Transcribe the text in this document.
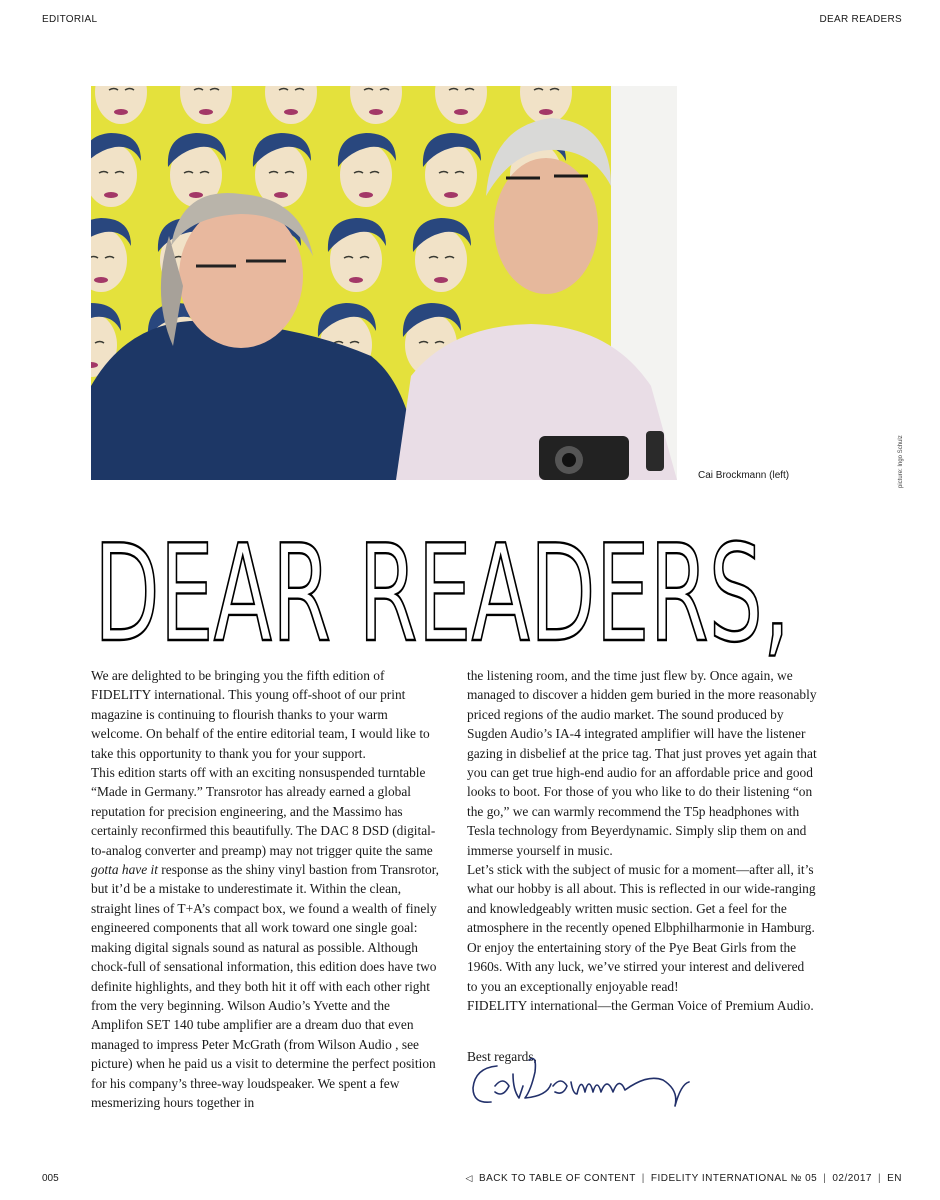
EDITORIAL	DEAR READERS
Cai Brockmann (left)	picture: Ingo Schulz
DEAR READERS,

We are delighted to be bringing you the fifth edition of FIDELITY international. This young off-shoot of our print magazine is continuing to flourish thanks to your warm welcome. On behalf of the entire editorial team, I would like to take this opportunity to thank you for your support.

This edition starts off with an exciting nonsuspended turntable “Made in Germany.” Transrotor has already earned a global reputation for precision engineering, and the Massimo has certainly reconfirmed this beautifully. The DAC 8 DSD (digital-to-analog converter and preamp) may not trigger quite the same gotta have it response as the shiny vinyl bastion from Transrotor, but it’d be a mistake to underestimate it. Within the clean, straight lines of T+A’s compact box, we found a wealth of finely engineered components that all work toward one single goal: making digital signals sound as natural as possible. Although chock-full of sensational information, this edition does have two definite highlights, and they both hit it off with each other right from the very beginning. Wilson Audio’s Yvette and the Amplifon SET 140 tube amplifier are a dream duo that even managed to impress Peter McGrath (from Wilson Audio , see picture) when he paid us a visit to determine the perfect position for his company’s three-way loudspeaker. We spent a few mesmerizing hours together in

the listening room, and the time just flew by. Once again, we managed to discover a hidden gem buried in the more reasonably priced regions of the audio market. The sound produced by Sugden Audio’s IA-4 integrated amplifier will have the listener gazing in disbelief at the price tag. That just proves yet again that you can get true high-end audio for an affordable price and good looks to boot. For those of you who like to do their listening “on the go,” we can warmly recommend the T5p headphones with Tesla technology from Beyerdynamic. Simply slip them on and immerse yourself in music.

Let’s stick with the subject of music for a moment—after all, it’s what our hobby is all about. This is reflected in our wide-ranging and knowledgeably written music section. Get a feel for the atmosphere in the recently opened Elbphilharmonie in Hamburg. Or enjoy the entertaining story of the Pye Beat Girls from the 1960s. With any luck, we’ve stirred your interest and delivered to you an exceptionally enjoyable read!

FIDELITY international—the German Voice of Premium Audio.

Best regards,
005	◁ BACK TO TABLE OF CONTENT | FIDELITY INTERNATIONAL № 05 | 02/2017 | EN
